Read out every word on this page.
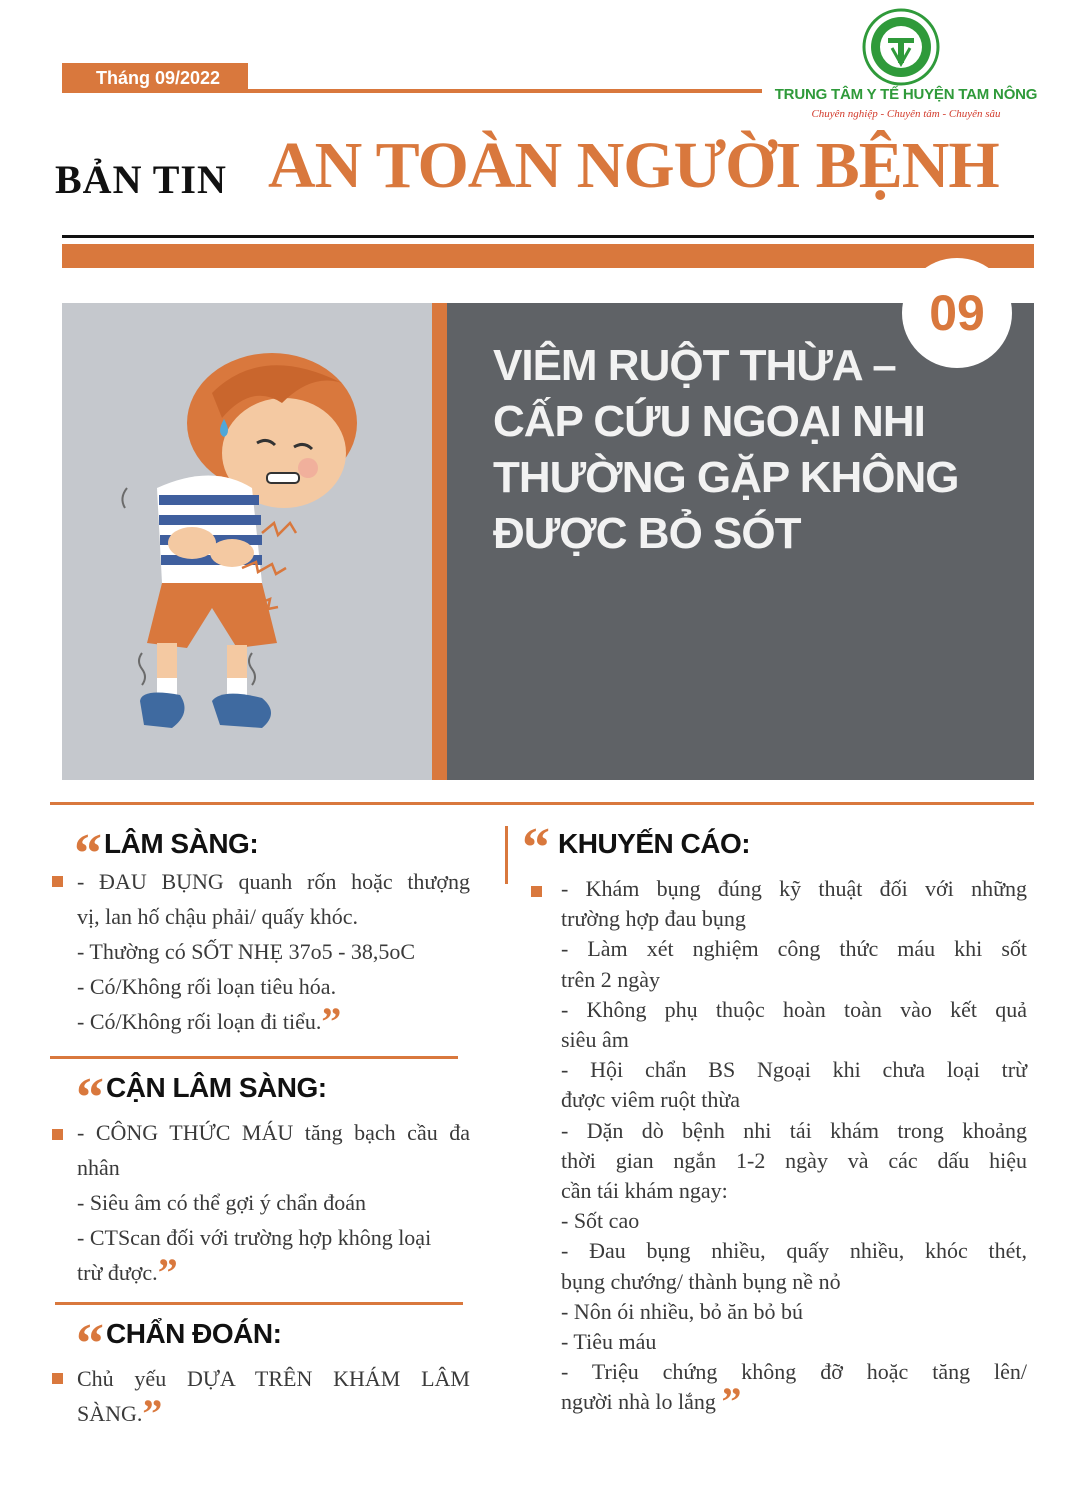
Tháng 09/2022
TRUNG TÂM Y TẾ HUYỆN TAM NÔNG
Chuyên nghiệp - Chuyên tâm - Chuyên sâu
BẢN TIN AN TOÀN NGƯỜI BỆNH
VIÊM RUỘT THỪA –
CẤP CỨU NGOẠI NHI
THƯỜNG GẶP KHÔNG
ĐƯỢC BỎ SÓT
09
“ LÂM SÀNG:
- ĐAU BỤNG quanh rốn hoặc thượng
vị, lan hố chậu phải/ quấy khóc.
- Thường có SỐT NHẸ 37o5 - 38,5oC
- Có/Không rối loạn tiêu hóa.
- Có/Không rối loạn đi tiểu.”
“ CẬN LÂM SÀNG:
- CÔNG THỨC MÁU tăng bạch cầu đa
nhân
- Siêu âm có thể gợi ý chẩn đoán
- CTScan đối với trường hợp không loại
trừ được.”
“ CHẨN ĐOÁN:
Chủ yếu DỰA TRÊN KHÁM LÂM
SÀNG.”
“ KHUYẾN CÁO:
- Khám bụng đúng kỹ thuật đối với những
trường hợp đau bụng
- Làm xét nghiệm công thức máu khi sốt
trên 2 ngày
- Không phụ thuộc hoàn toàn vào kết quả
siêu âm
- Hội chẩn BS Ngoại khi chưa loại trừ
được viêm ruột thừa
- Dặn dò bệnh nhi tái khám trong khoảng
thời gian ngắn 1-2 ngày và các dấu hiệu
cần tái khám ngay:
- Sốt cao
- Đau bụng nhiều, quấy nhiều, khóc thét,
bụng chướng/ thành bụng nề nỏ
- Nôn ói nhiều, bỏ ăn bỏ bú
- Tiêu máu
- Triệu chứng không đỡ hoặc tăng lên/
người nhà lo lắng ”
